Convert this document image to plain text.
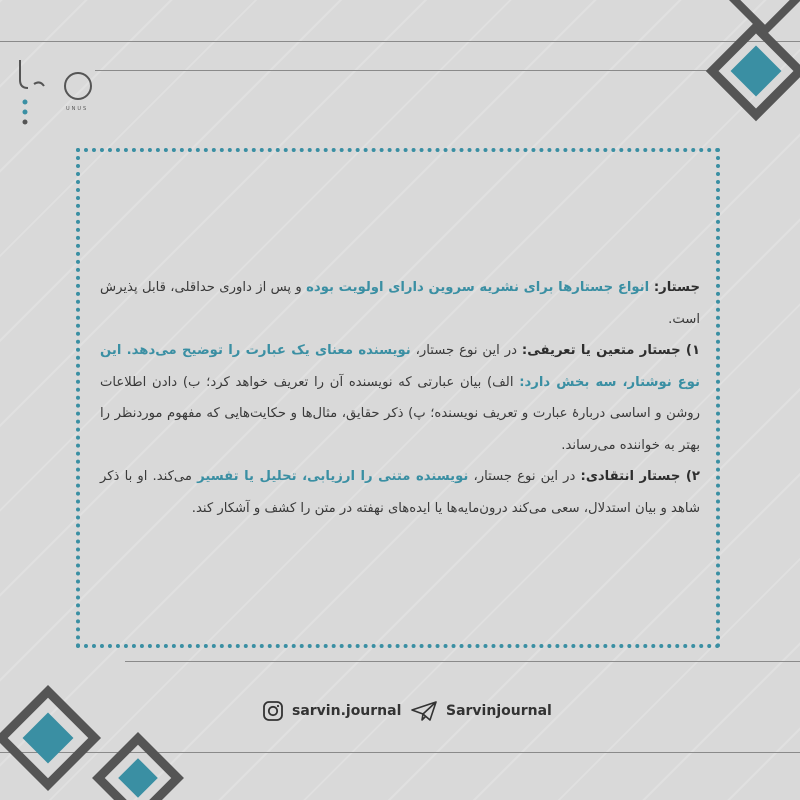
UNUS

جستار: انواع جستارها برای نشریه سروین دارای اولویت بوده و پس از داوری حداقلی، قابل پذیرش است.

۱) جستار متعین یا تعریفی: در این نوع جستار، نویسنده معنای یک عبارت را توضیح می‌دهد. این نوع نوشتار، سه بخش دارد: الف) بیان عبارتی که نویسنده آن را تعریف خواهد کرد؛ ب) دادن اطلاعات روشن و اساسی دربارهٔ عبارت و تعریف نویسنده؛ پ) ذکر حقایق، مثال‌ها و حکایت‌هایی که مفهوم موردنظر را بهتر به خواننده می‌رساند.

۲) جستار انتقادی: در این نوع جستار، نویسنده متنی را ارزیابی، تحلیل یا تفسیر می‌کند. او با ذکر شاهد و بیان استدلال، سعی می‌کند درون‌مایه‌ها یا ایده‌های نهفته در متن را کشف و آشکار کند.

sarvin.journal	Sarvinjournal
